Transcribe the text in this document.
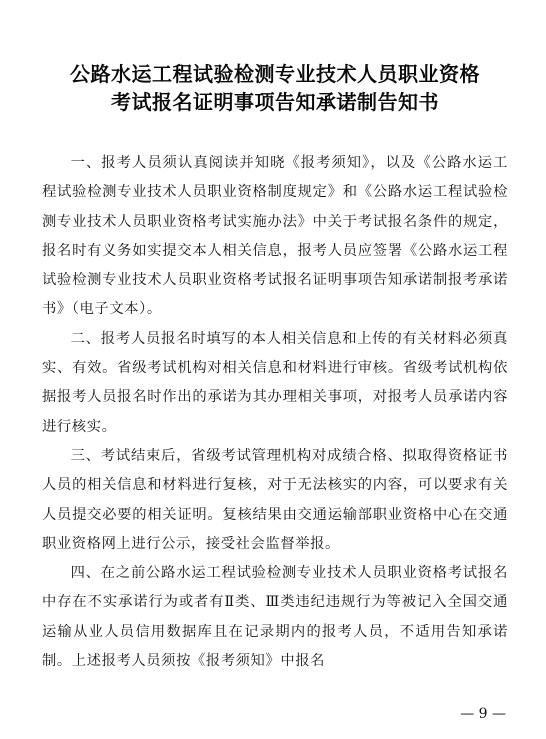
公路水运工程试验检测专业技术人员职业资格
考试报名证明事项告知承诺制告知书

一、报考人员须认真阅读并知晓《报考须知》，以及《公路水运工程试验检测专业技术人员职业资格制度规定》和《公路水运工程试验检测专业技术人员职业资格考试实施办法》中关于考试报名条件的规定，报名时有义务如实提交本人相关信息，报考人员应签署《公路水运工程试验检测专业技术人员职业资格考试报名证明事项告知承诺制报考承诺书》（电子文本）。

二、报考人员报名时填写的本人相关信息和上传的有关材料必须真实、有效。省级考试机构对相关信息和材料进行审核。省级考试机构依据报考人员报名时作出的承诺为其办理相关事项，对报考人员承诺内容进行核实。

三、考试结束后，省级考试管理机构对成绩合格、拟取得资格证书人员的相关信息和材料进行复核，对于无法核实的内容，可以要求有关人员提交必要的相关证明。复核结果由交通运输部职业资格中心在交通职业资格网上进行公示，接受社会监督举报。

四、在之前公路水运工程试验检测专业技术人员职业资格考试报名中存在不实承诺行为或者有Ⅱ类、Ⅲ类违纪违规行为等被记入全国交通运输从业人员信用数据库且在记录期内的报考人员，不适用告知承诺制。上述报考人员须按《报考须知》中报名

— 9 —
